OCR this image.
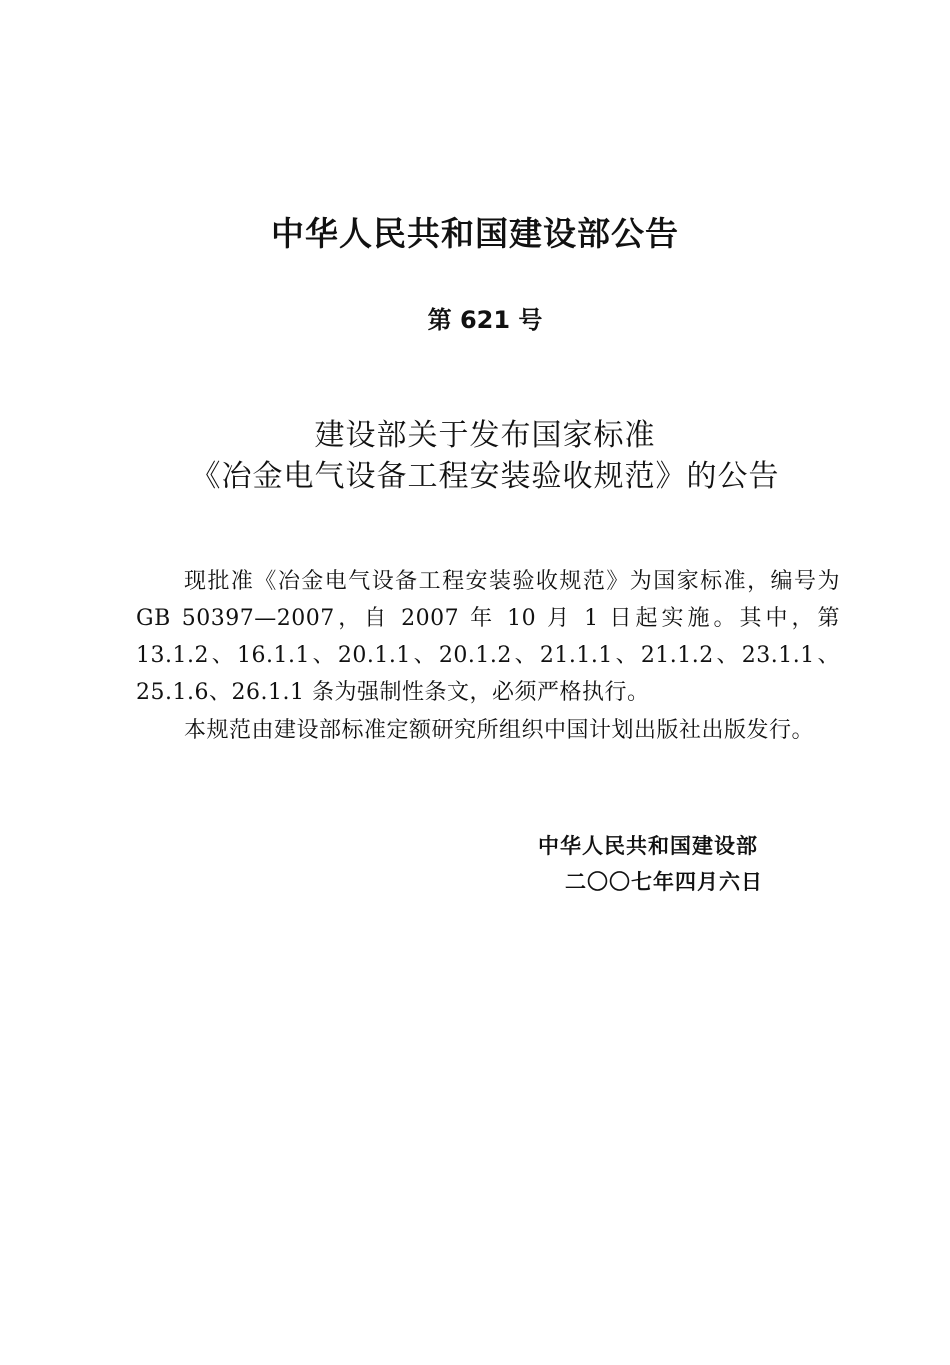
中华人民共和国建设部公告

第 621 号

建设部关于发布国家标准

《冶金电气设备工程安装验收规范》的公告

现批准《冶金电气设备工程安装验收规范》为国家标准，编号为 GB 50397—2007，自 2007 年 10 月 1 日起实施。其中，第 13.1.2、16.1.1、20.1.1、20.1.2、21.1.1、21.1.2、23.1.1、25.1.6、26.1.1 条为强制性条文，必须严格执行。

本规范由建设部标准定额研究所组织中国计划出版社出版发行。

中华人民共和国建设部

二〇〇七年四月六日
